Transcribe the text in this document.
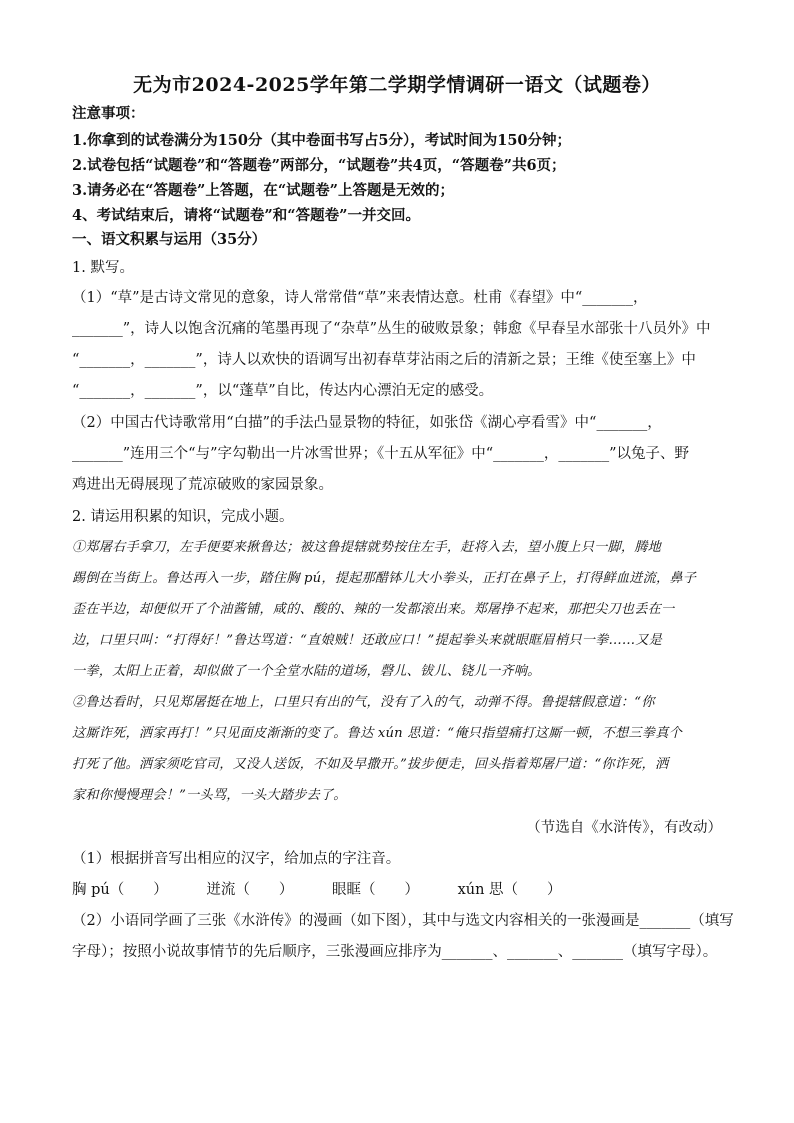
无为市2024-2025学年第二学期学情调研一语文（试题卷）
注意事项：
1.你拿到的试卷满分为150分（其中卷面书写占5分），考试时间为150分钟；
2.试卷包括“试题卷”和“答题卷”两部分，“试题卷”共4页，“答题卷”共6页；
3.请务必在“答题卷”上答题，在“试题卷”上答题是无效的；
4、考试结束后，请将“试题卷”和“答题卷”一并交回。
一、语文积累与运用（35分）
1. 默写。
（1）“草”是古诗文常见的意象，诗人常常借“草”来表情达意。杜甫《春望》中“_______，
_______”，诗人以饱含沉痛的笔墨再现了“杂草”丛生的破败景象；韩愈《早春呈水部张十八员外》中
“_______，_______”，诗人以欢快的语调写出初春草芽沾雨之后的清新之景；王维《使至塞上》中
“_______，_______”，以“蓬草”自比，传达内心漂泊无定的感受。
（2）中国古代诗歌常用“白描”的手法凸显景物的特征，如张岱《湖心亭看雪》中“_______，
_______”连用三个“与”字勾勒出一片冰雪世界；《十五从军征》中“_______，_______”以兔子、野
鸡进出无碍展现了荒凉破败的家园景象。
2. 请运用积累的知识，完成小题。
①郑屠右手拿刀，左手便要来揪鲁达；被这鲁提辖就势按住左手，赶将入去，望小腹上只一脚，腾地
踢倒在当街上。鲁达再入一步，踏住胸 pú，提起那醋钵儿大小拳头，正打在鼻子上，打得鲜血迸流，鼻子
歪在半边，却便似开了个油酱铺，咸的、酸的、辣的一发都滚出来。郑屠挣不起来，那把尖刀也丢在一
边，口里只叫：“打得好！”鲁达骂道：“直娘贼！还敢应口！”提起拳头来就眼眶眉梢只一拳……又是
一拳，太阳上正着，却似做了一个全堂水陆的道场，磬儿、钹儿、铙儿一齐响。
②鲁达看时，只见郑屠挺在地上，口里只有出的气，没有了入的气，动弹不得。鲁提辖假意道：“你
这厮诈死，洒家再打！”只见面皮渐渐的变了。鲁达 xún 思道：“俺只指望痛打这厮一顿，不想三拳真个
打死了他。洒家须吃官司，又没人送饭，不如及早撒开。”拔步便走，回头指着郑屠尸道：“你诈死，洒
家和你慢慢理会！”一头骂，一头大踏步去了。
（节选自《水浒传》，有改动）
（1）根据拼音写出相应的汉字，给加点的字注音。
胸 pú（　　）	迸流（　　）	眼眶（　　）	xún 思（　　）
（2）小语同学画了三张《水浒传》的漫画（如下图），其中与选文内容相关的一张漫画是_______（填写
字母）；按照小说故事情节的先后顺序，三张漫画应排序为_______、_______、_______（填写字母）。
